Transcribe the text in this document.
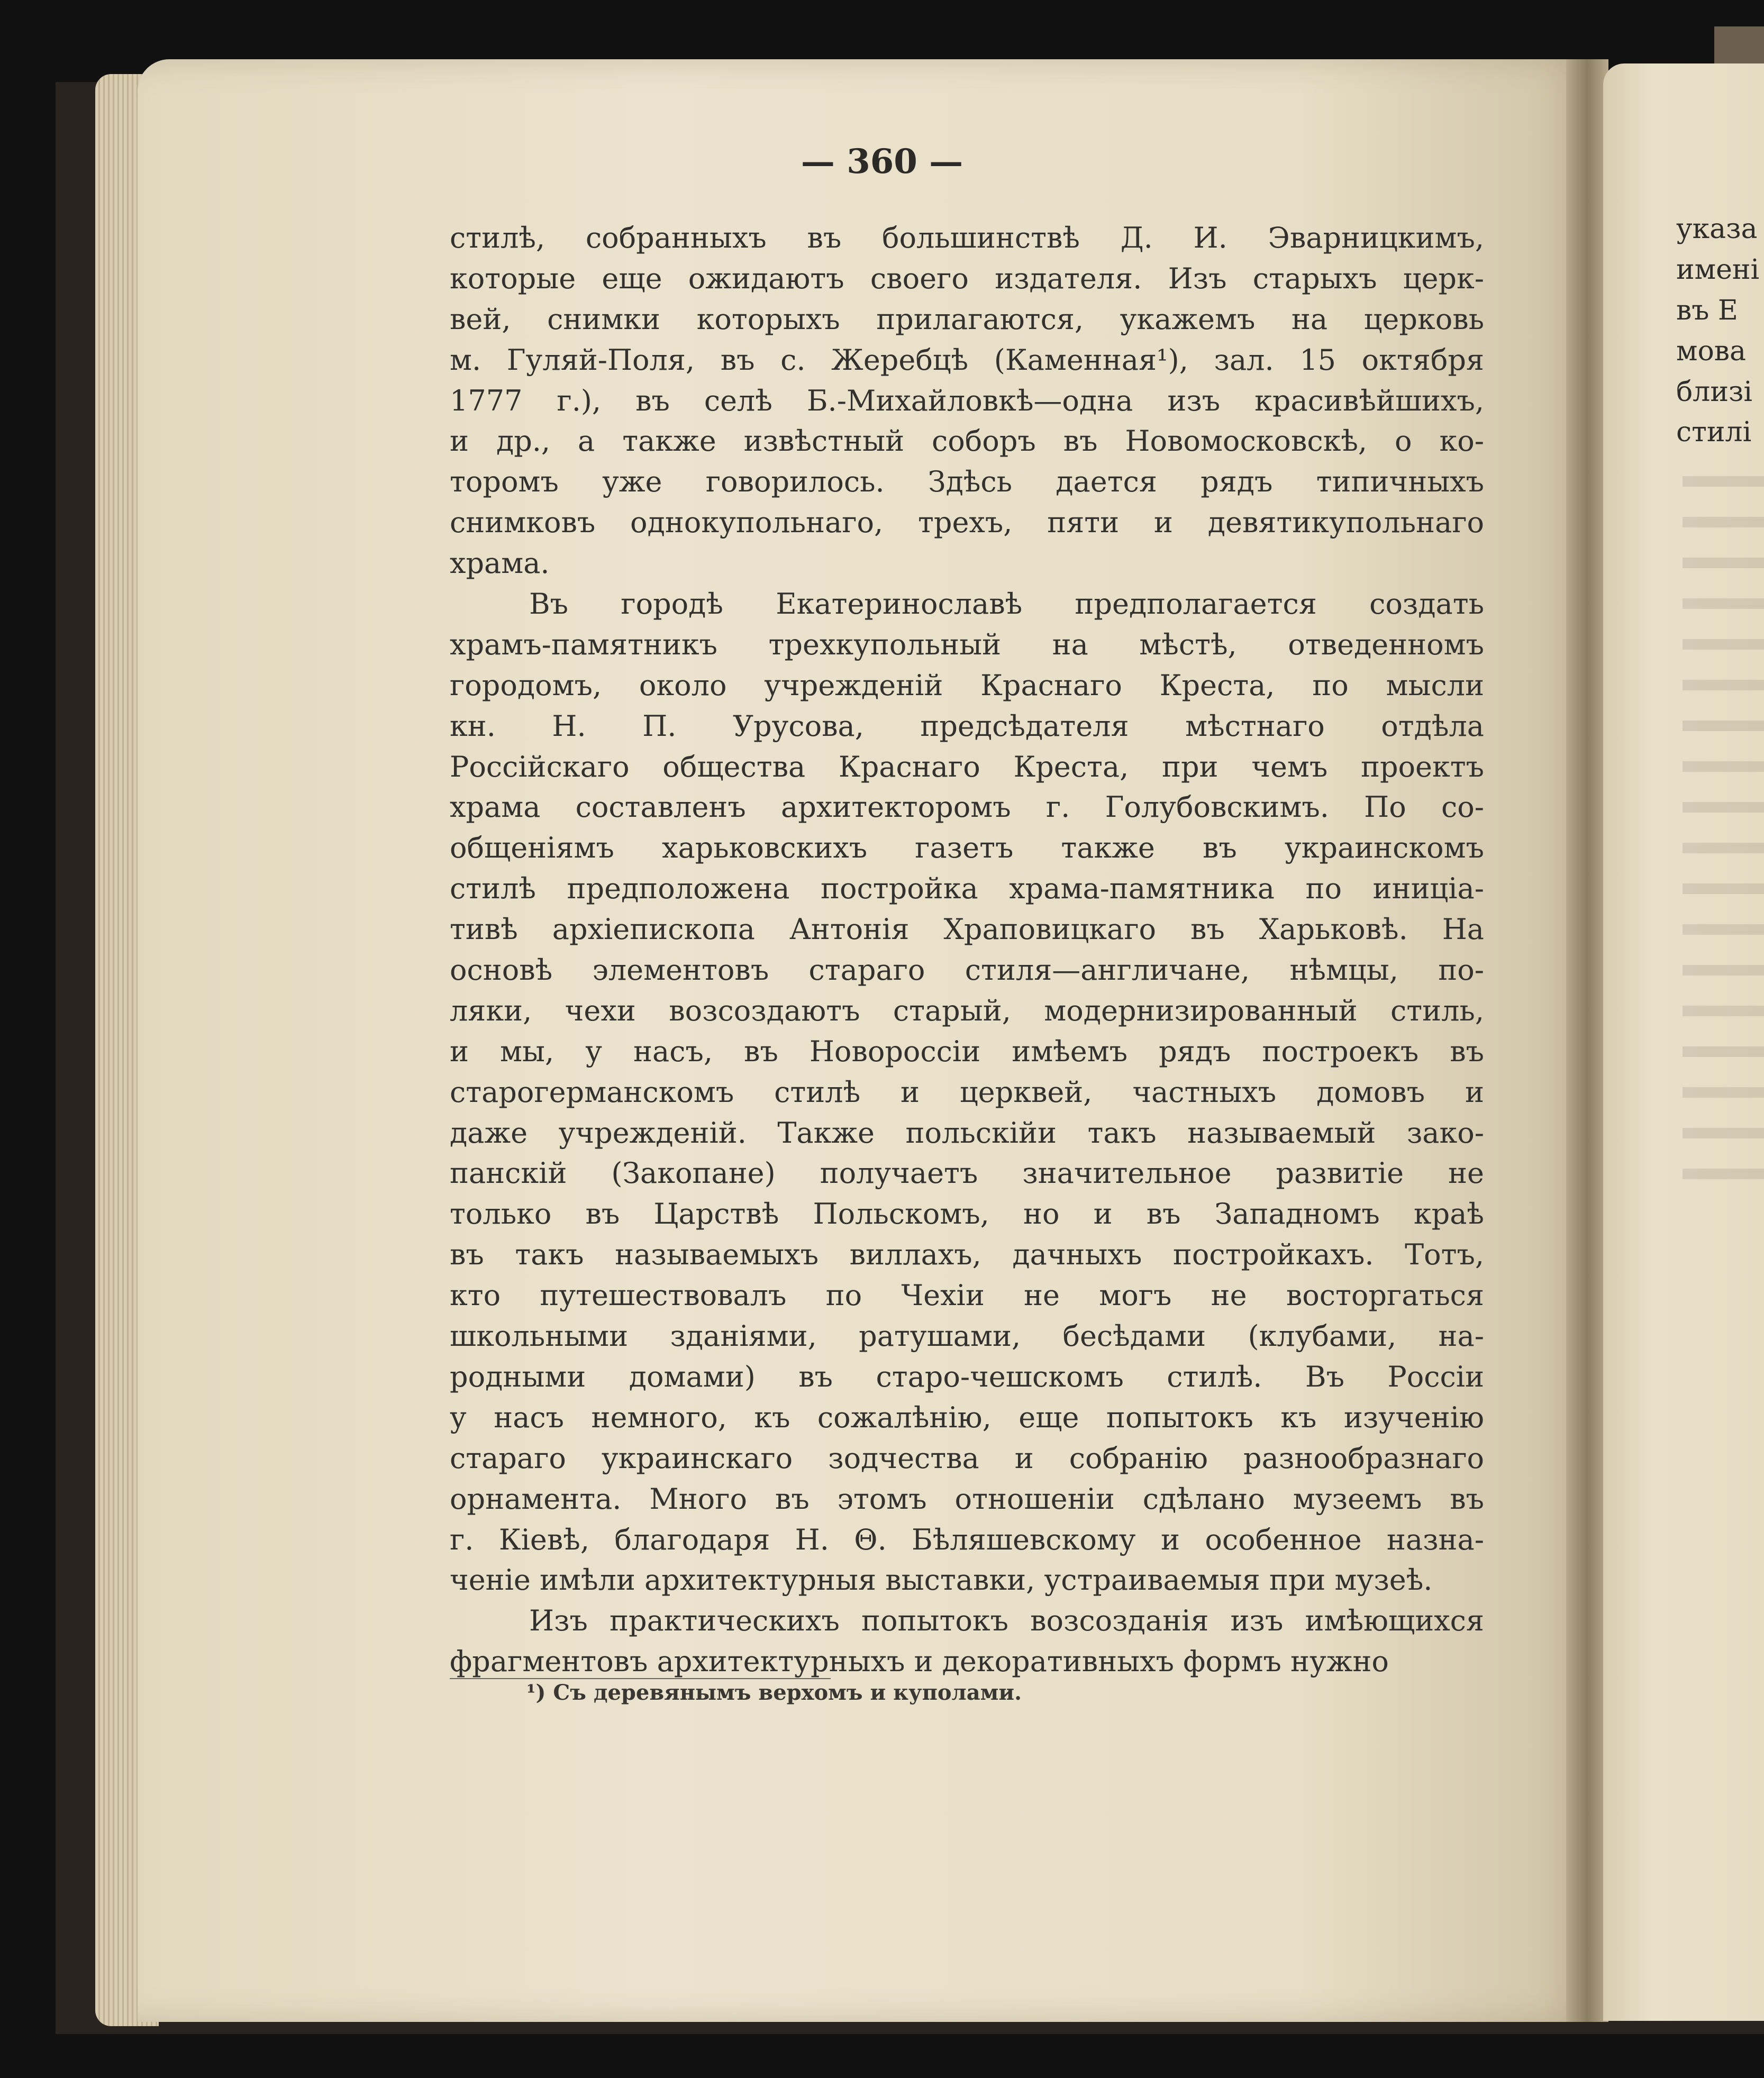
— 360 —
стилѣ, собранныхъ въ большинствѣ Д. И. Эварницкимъ,
которые еще ожидаютъ своего издателя. Изъ старыхъ церк-
вей, снимки которыхъ прилагаются, укажемъ на церковь
м. Гуляй-Поля, въ с. Жеребцѣ (Каменная¹), зал. 15 октября
1777 г.), въ селѣ Б.-Михайловкѣ—одна изъ красивѣйшихъ,
и др., а также извѣстный соборъ въ Новомосковскѣ, о ко-
торомъ уже говорилось. Здѣсь дается рядъ типичныхъ
снимковъ однокупольнаго, трехъ, пяти и девятикупольнаго
храма.
Въ городѣ Екатеринославѣ предполагается создать
храмъ-памятникъ трехкупольный на мѣстѣ, отведенномъ
городомъ, около учрежденій Краснаго Креста, по мысли
кн. Н. П. Урусова, предсѣдателя мѣстнаго отдѣла
Россійскаго общества Краснаго Креста, при чемъ проектъ
храма составленъ архитекторомъ г. Голубовскимъ. По со-
общеніямъ харьковскихъ газетъ также въ украинскомъ
стилѣ предположена постройка храма-памятника по иниціа-
тивѣ архіепископа Антонія Храповицкаго въ Харьковѣ. На
основѣ элементовъ стараго стиля—англичане, нѣмцы, по-
ляки, чехи возсоздаютъ старый, модернизированный стиль,
и мы, у насъ, въ Новороссіи имѣемъ рядъ построекъ въ
старогерманскомъ стилѣ и церквей, частныхъ домовъ и
даже учрежденій. Также польскійи такъ называемый зако-
панскій (Закопане) получаетъ значительное развитіе не
только въ Царствѣ Польскомъ, но и въ Западномъ краѣ
въ такъ называемыхъ виллахъ, дачныхъ постройкахъ. Тотъ,
кто путешествовалъ по Чехіи не могъ не восторгаться
школьными зданіями, ратушами, бесѣдами (клубами, на-
родными домами) въ старо-чешскомъ стилѣ. Въ Россіи
у насъ немного, къ сожалѣнію, еще попытокъ къ изученію
стараго украинскаго зодчества и собранію разнообразнаго
орнамента. Много въ этомъ отношеніи сдѣлано музеемъ въ
г. Кіевѣ, благодаря Н. Θ. Бѣляшевскому и особенное назна-
ченіе имѣли архитектурныя выставки, устраиваемыя при музеѣ.
Изъ практическихъ попытокъ возсозданія изъ имѣющихся
фрагментовъ архитектурныхъ и декоративныхъ формъ нужно
¹) Съ деревянымъ верхомъ и куполами.
указа
имені
въ Е
мова
близі
стилі
